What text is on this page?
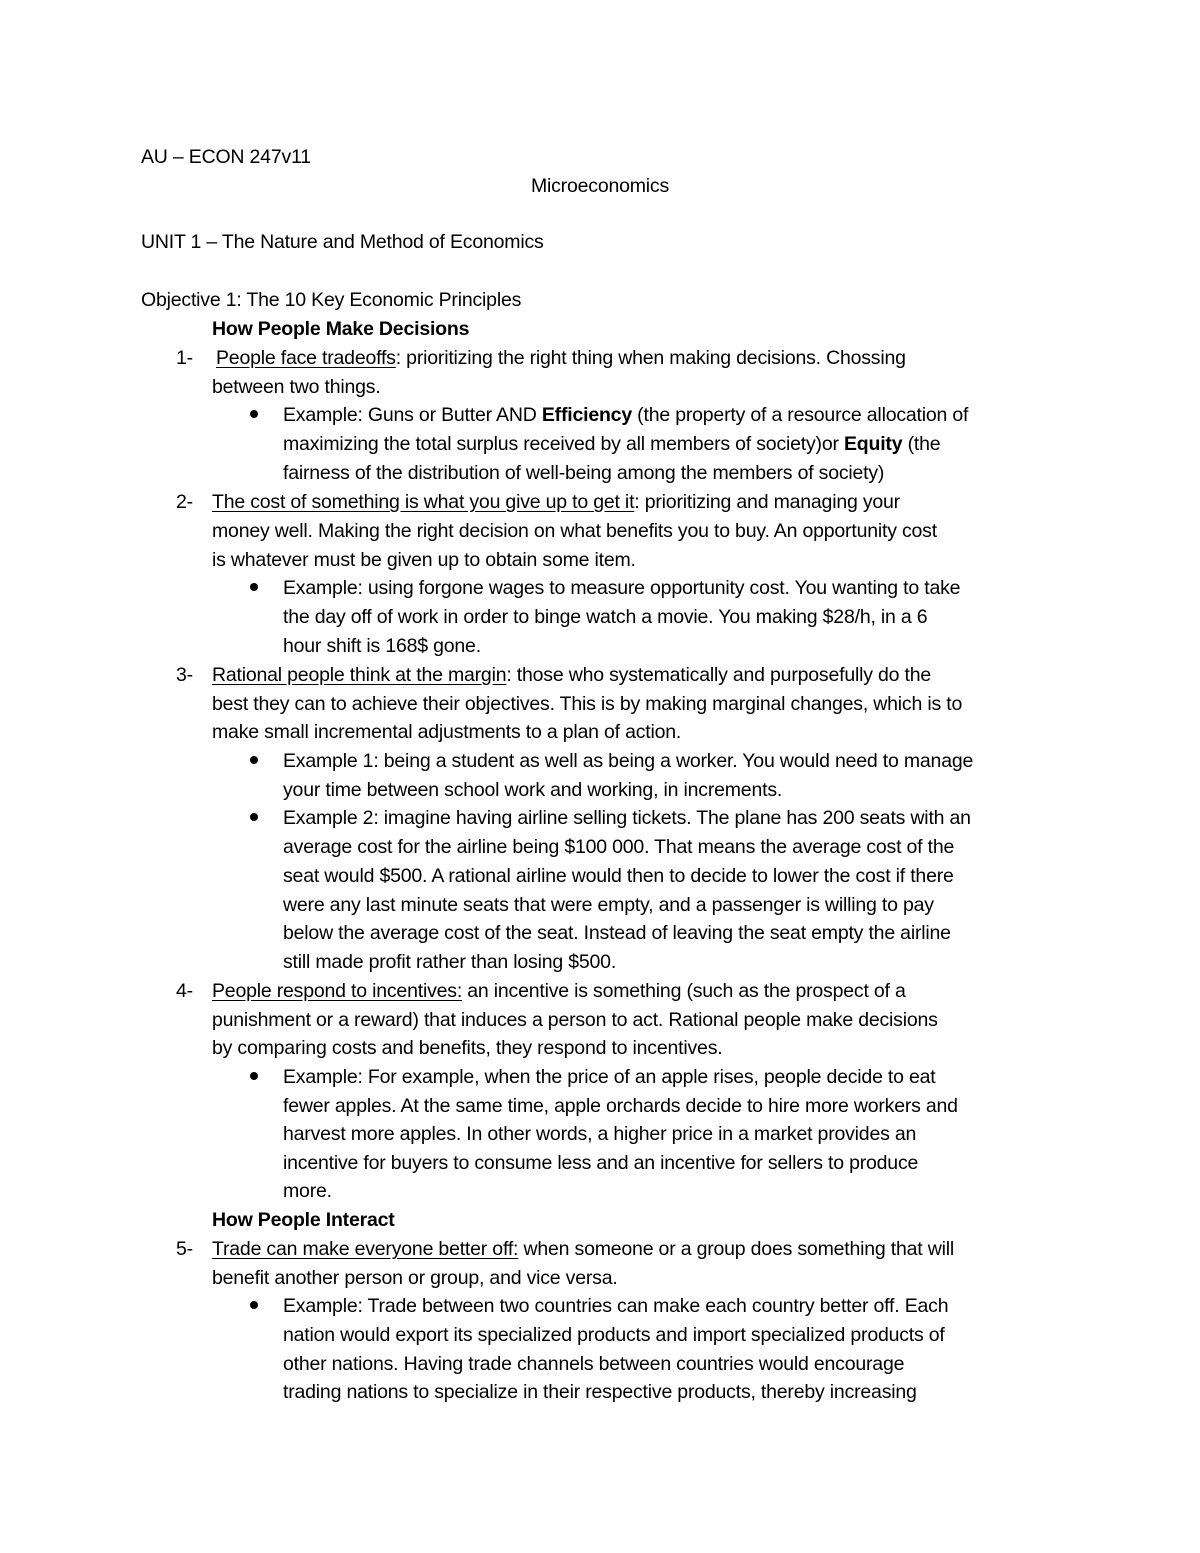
AU – ECON 247v11
Microeconomics
UNIT 1 – The Nature and Method of Economics
Objective 1: The 10 Key Economic Principles
How People Make Decisions
1- People face tradeoffs: prioritizing the right thing when making decisions. Chossing
between two things.
Example: Guns or Butter AND Efficiency (the property of a resource allocation of
maximizing the total surplus received by all members of society)or Equity (the
fairness of the distribution of well-being among the members of society)
2- The cost of something is what you give up to get it: prioritizing and managing your
money well. Making the right decision on what benefits you to buy. An opportunity cost
is whatever must be given up to obtain some item.
Example: using forgone wages to measure opportunity cost. You wanting to take
the day off of work in order to binge watch a movie. You making $28/h, in a 6
hour shift is 168$ gone.
3- Rational people think at the margin: those who systematically and purposefully do the
best they can to achieve their objectives. This is by making marginal changes, which is to
make small incremental adjustments to a plan of action.
Example 1: being a student as well as being a worker. You would need to manage
your time between school work and working, in increments.
Example 2: imagine having airline selling tickets. The plane has 200 seats with an
average cost for the airline being $100 000. That means the average cost of the
seat would $500. A rational airline would then to decide to lower the cost if there
were any last minute seats that were empty, and a passenger is willing to pay
below the average cost of the seat. Instead of leaving the seat empty the airline
still made profit rather than losing $500.
4- People respond to incentives: an incentive is something (such as the prospect of a
punishment or a reward) that induces a person to act. Rational people make decisions
by comparing costs and benefits, they respond to incentives.
Example: For example, when the price of an apple rises, people decide to eat
fewer apples. At the same time, apple orchards decide to hire more workers and
harvest more apples. In other words, a higher price in a market provides an
incentive for buyers to consume less and an incentive for sellers to produce
more.
How People Interact
5- Trade can make everyone better off: when someone or a group does something that will
benefit another person or group, and vice versa.
Example: Trade between two countries can make each country better off. Each
nation would export its specialized products and import specialized products of
other nations. Having trade channels between countries would encourage
trading nations to specialize in their respective products, thereby increasing
